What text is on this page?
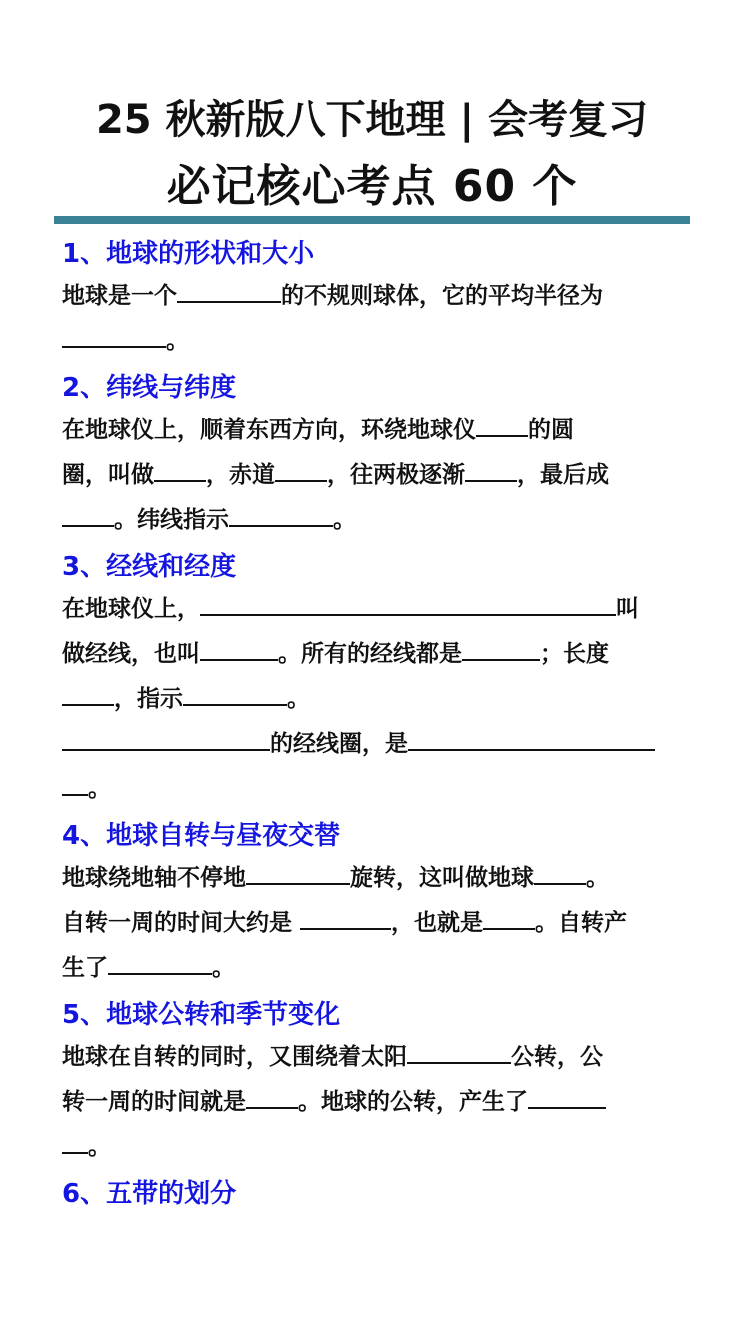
25 秋新版八下地理 | 会考复习
必记核心考点 60 个
1、地球的形状和大小
地球是一个	的不规则球体，它的平均半径为
。
2、纬线与纬度
在地球仪上，顺着东西方向，环绕地球仪 的圆
圈，叫做 ，赤道 ，往两极逐渐 ，最后成
。纬线指示	。
3、经线和经度
在地球仪上，	叫
做经线，也叫	。所有的经线都是	；长度
，指示	。
的经线圈，是
。
4、地球自转与昼夜交替
地球绕地轴不停地	旋转，这叫做地球 。
自转一周的时间大约是	，也就是 。自转产
生了	。
5、地球公转和季节变化
地球在自转的同时，又围绕着太阳	公转，公
转一周的时间就是 。地球的公转，产生了
。
6、五带的划分
